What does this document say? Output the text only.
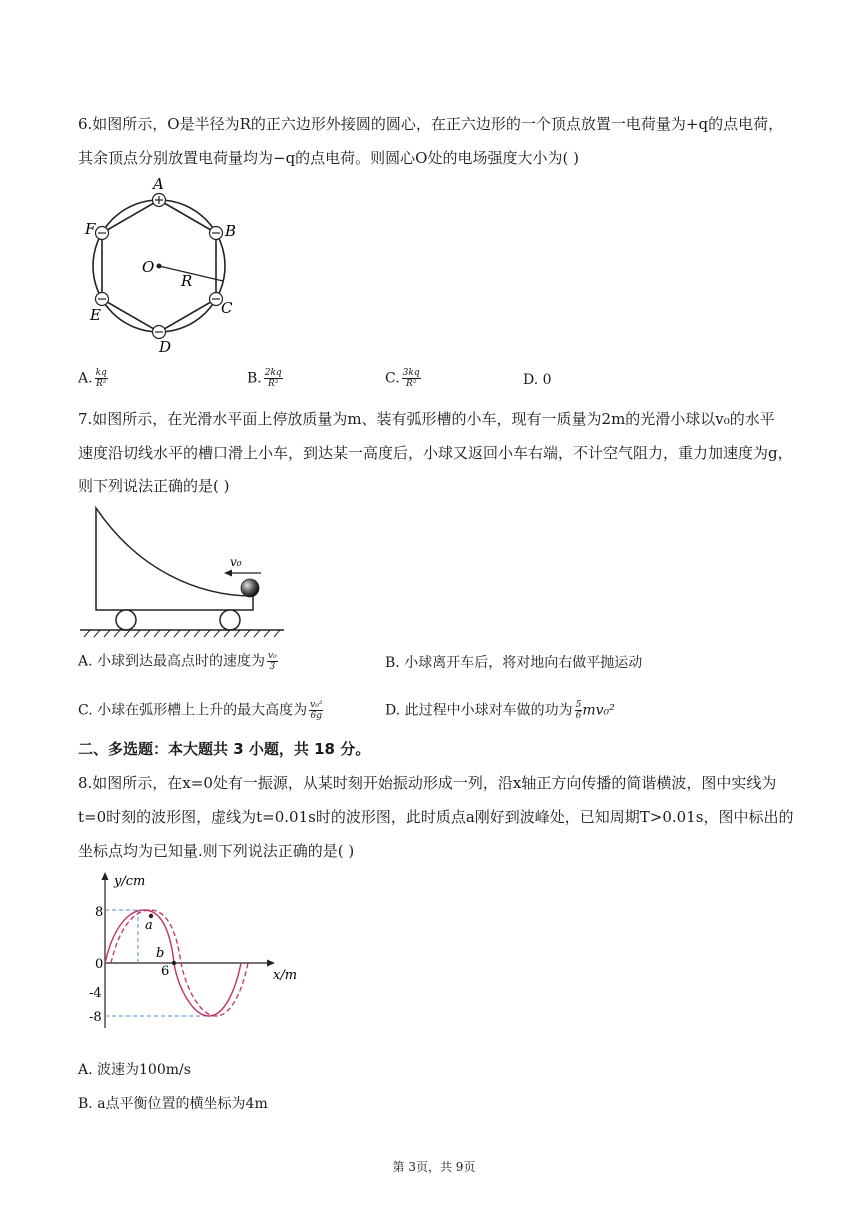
6.如图所示，O是半径为R的正六边形外接圆的圆心，在正六边形的一个顶点放置一电荷量为+q的点电荷，
其余顶点分别放置电荷量均为−q的点电荷。则圆心O处的电场强度大小为( )
A
B
C
D
E
F
O
R
A. $\frac{kq}{\text{R²}}$	B. $\frac{2kq}{\text{R²}}$	C. $\frac{3kq}{\text{R²}}$	D. 0
7.如图所示，在光滑水平面上停放质量为m、装有弧形槽的小车，现有一质量为2m的光滑小球以v₀的水平
速度沿切线水平的槽口滑上小车，到达某一高度后，小球又返回小车右端，不计空气阻力，重力加速度为g，
则下列说法正确的是( )
v₀
A. 小球到达最高点时的速度为 $\frac{\text{v₀}}{3}$	B. 小球离开车后，将对地向右做平抛运动
C. 小球在弧形槽上上升的最大高度为 $\frac{\text{v₀²}}{6g}$	D. 此过程中小球对车做的功为 $\frac{5}{6} mv_0^2$
二、多选题：本大题共 3 小题，共 18 分。
8.如图所示，在x=0处有一振源，从某时刻开始振动形成一列，沿x轴正方向传播的简谐横波，图中实线为
t=0时刻的波形图，虚线为t=0.01s时的波形图，此时质点a刚好到波峰处，已知周期T>0.01s，图中标出的
坐标点均为已知量.则下列说法正确的是( )
y/cm
x/m
8
0
-4
-8
6
a
b
A. 波速为100m/s
B. a点平衡位置的横坐标为4m
第 3页，共 9页
